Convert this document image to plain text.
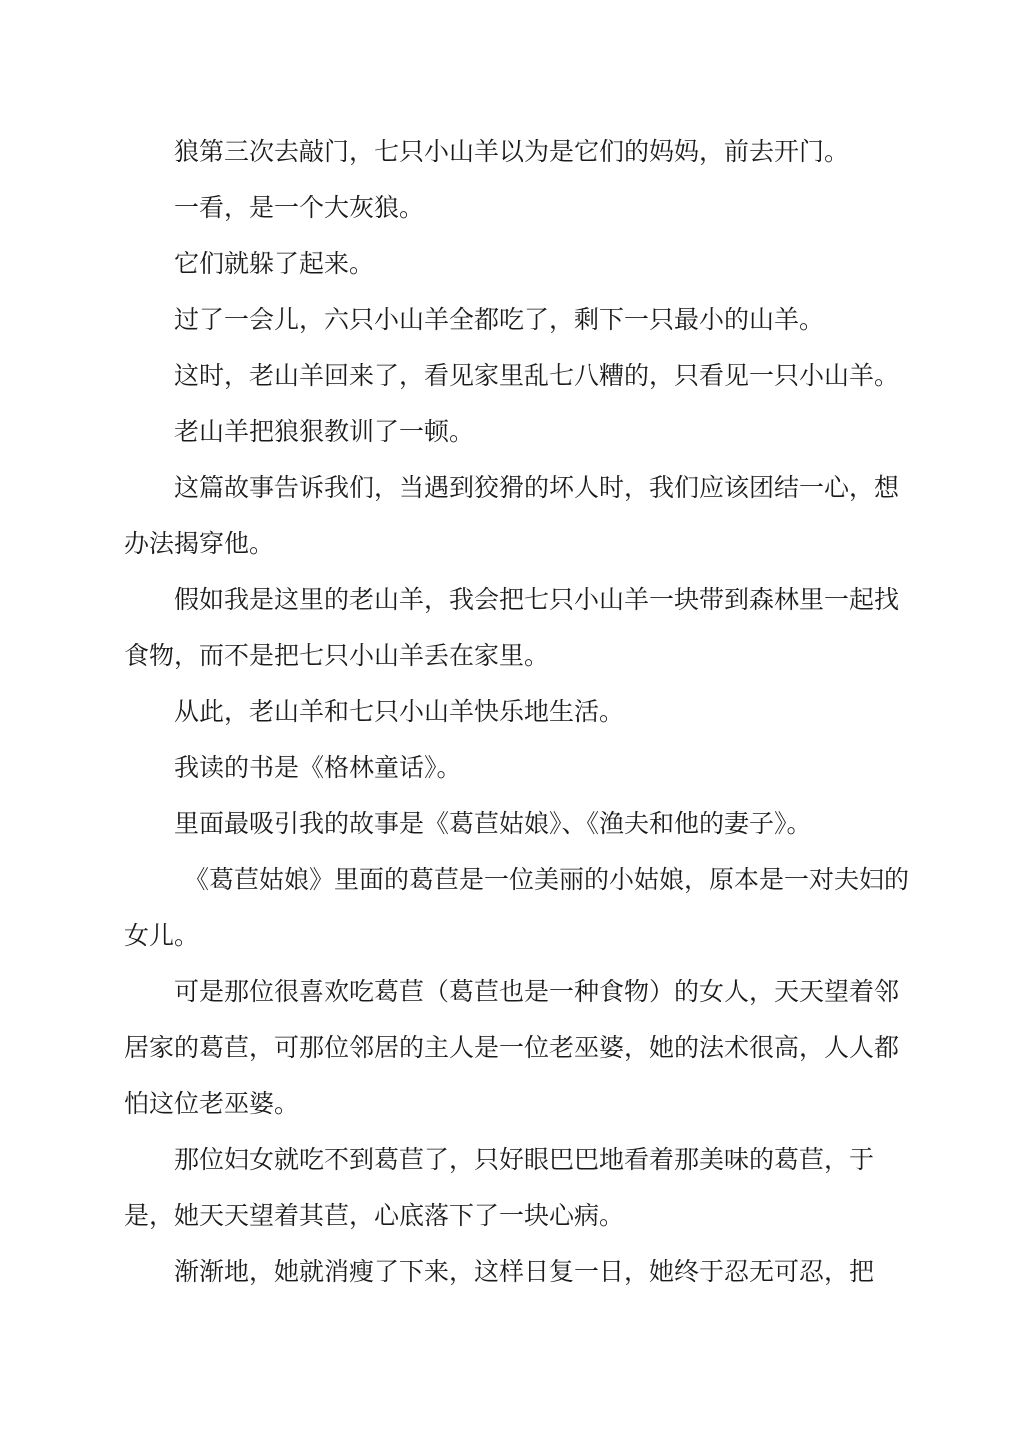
狼第三次去敲门，七只小山羊以为是它们的妈妈，前去开门。

一看，是一个大灰狼。

它们就躲了起来。

过了一会儿，六只小山羊全都吃了，剩下一只最小的山羊。

这时，老山羊回来了，看见家里乱七八糟的，只看见一只小山羊。

老山羊把狼狠教训了一顿。

这篇故事告诉我们，当遇到狡猾的坏人时，我们应该团结一心，想办法揭穿他。

假如我是这里的老山羊，我会把七只小山羊一块带到森林里一起找食物，而不是把七只小山羊丢在家里。

从此，老山羊和七只小山羊快乐地生活。

我读的书是《格林童话》。

里面最吸引我的故事是《葛苣姑娘》、《渔夫和他的妻子》。

《葛苣姑娘》里面的葛苣是一位美丽的小姑娘，原本是一对夫妇的女儿。

可是那位很喜欢吃葛苣（葛苣也是一种食物）的女人，天天望着邻居家的葛苣，可那位邻居的主人是一位老巫婆，她的法术很高，人人都怕这位老巫婆。

那位妇女就吃不到葛苣了，只好眼巴巴地看着那美味的葛苣，于是，她天天望着其苣，心底落下了一块心病。

渐渐地，她就消瘦了下来，这样日复一日，她终于忍无可忍，把
